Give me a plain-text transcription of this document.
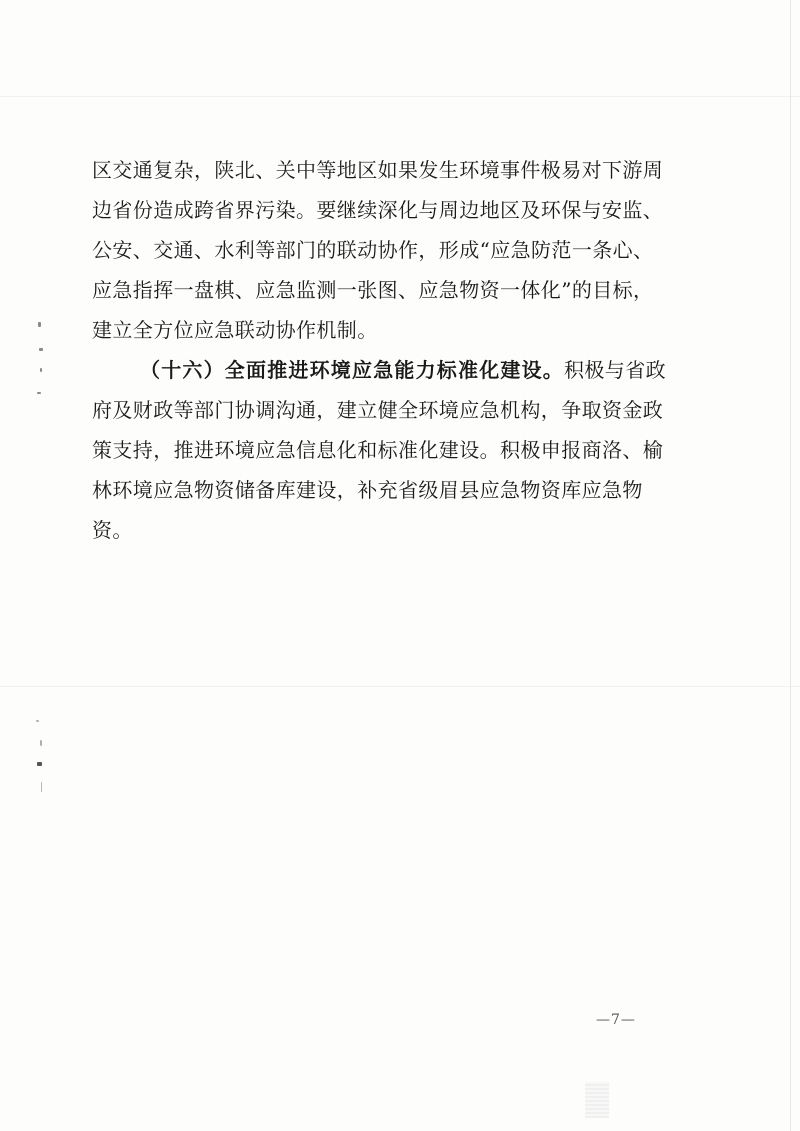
区交通复杂，陕北、关中等地区如果发生环境事件极易对下游周
边省份造成跨省界污染。要继续深化与周边地区及环保与安监、
公安、交通、水利等部门的联动协作，形成“应急防范一条心、
应急指挥一盘棋、应急监测一张图、应急物资一体化”的目标，
建立全方位应急联动协作机制。
（十六）全面推进环境应急能力标准化建设。积极与省政
府及财政等部门协调沟通，建立健全环境应急机构，争取资金政
策支持，推进环境应急信息化和标准化建设。积极申报商洛、榆
林环境应急物资储备库建设，补充省级眉县应急物资库应急物
资。
—7—
